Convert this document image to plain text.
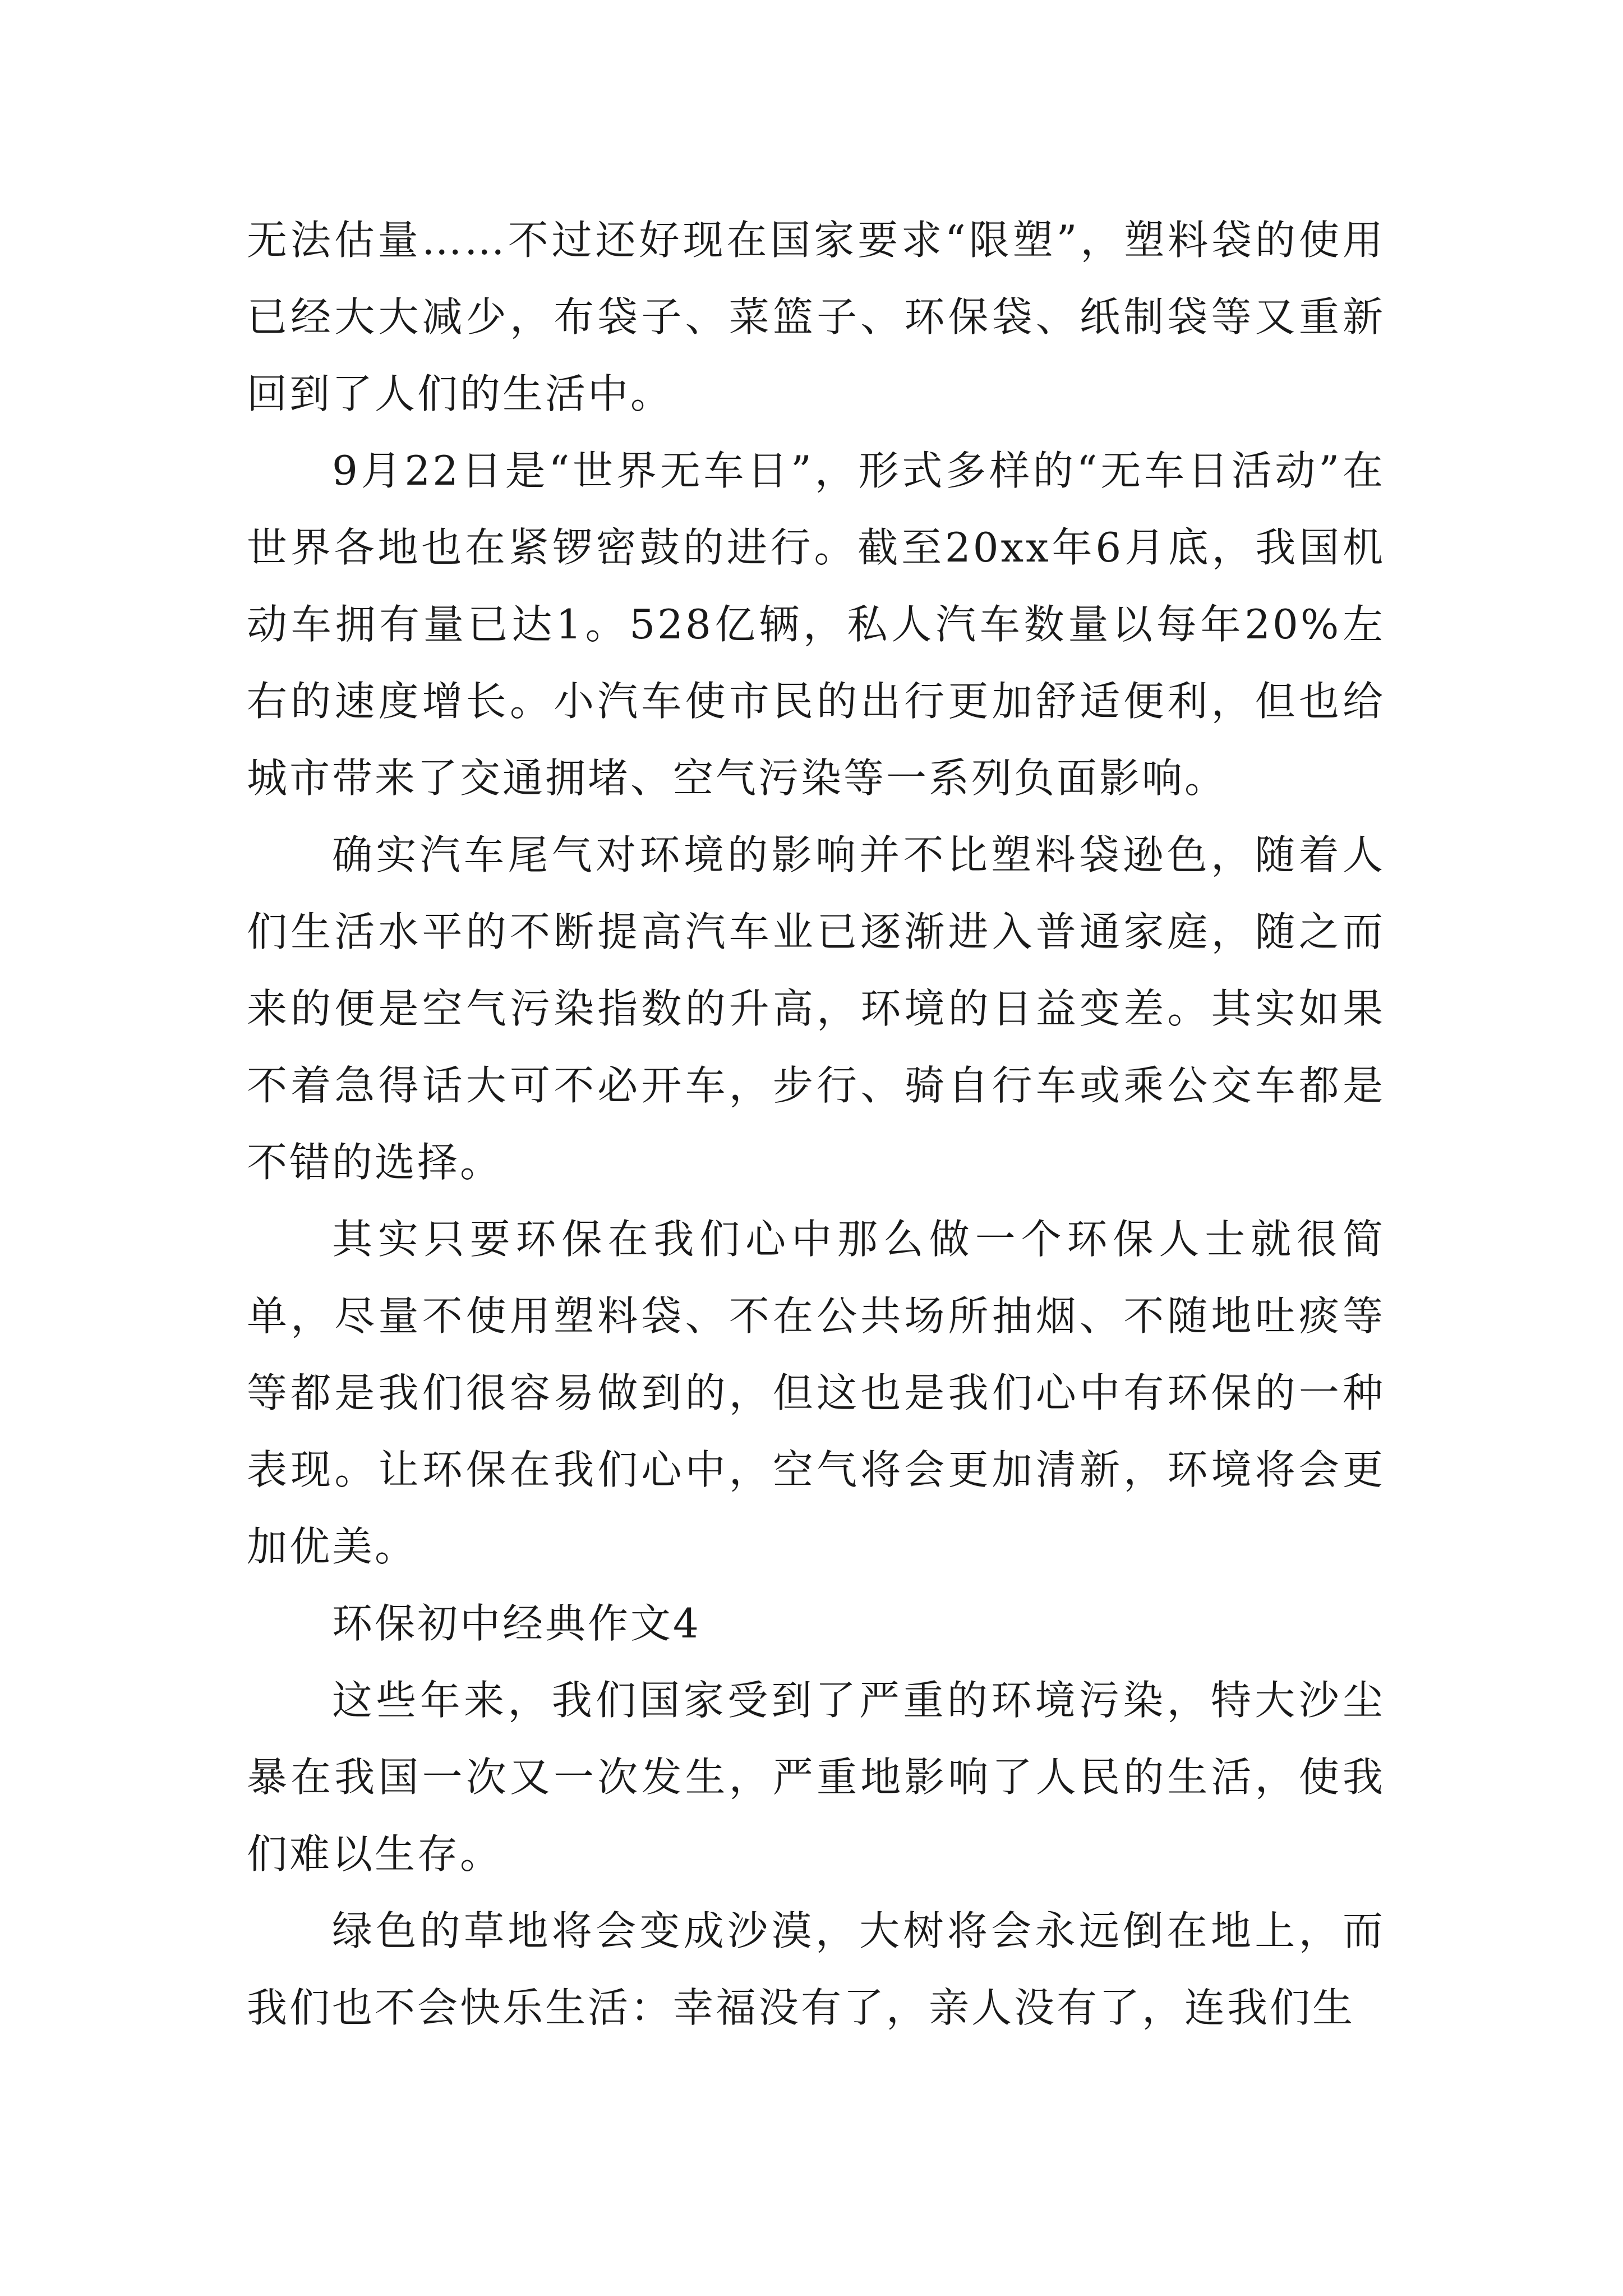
无法估量……不过还好现在国家要求“限塑”，塑料袋的使用已经大大减少，布袋子、菜篮子、环保袋、纸制袋等又重新回到了人们的生活中。

9月22日是“世界无车日”，形式多样的“无车日活动”在世界各地也在紧锣密鼓的进行。截至20xx年6月底，我国机动车拥有量已达1。528亿辆，私人汽车数量以每年20%左右的速度增长。小汽车使市民的出行更加舒适便利，但也给城市带来了交通拥堵、空气污染等一系列负面影响。

确实汽车尾气对环境的影响并不比塑料袋逊色，随着人们生活水平的不断提高汽车业已逐渐进入普通家庭，随之而来的便是空气污染指数的升高，环境的日益变差。其实如果不着急得话大可不必开车，步行、骑自行车或乘公交车都是不错的选择。

其实只要环保在我们心中那么做一个环保人士就很简单，尽量不使用塑料袋、不在公共场所抽烟、不随地吐痰等等都是我们很容易做到的，但这也是我们心中有环保的一种表现。让环保在我们心中，空气将会更加清新，环境将会更加优美。

环保初中经典作文4

这些年来，我们国家受到了严重的环境污染，特大沙尘暴在我国一次又一次发生，严重地影响了人民的生活，使我们难以生存。

绿色的草地将会变成沙漠，大树将会永远倒在地上，而我们也不会快乐生活：幸福没有了，亲人没有了，连我们生
